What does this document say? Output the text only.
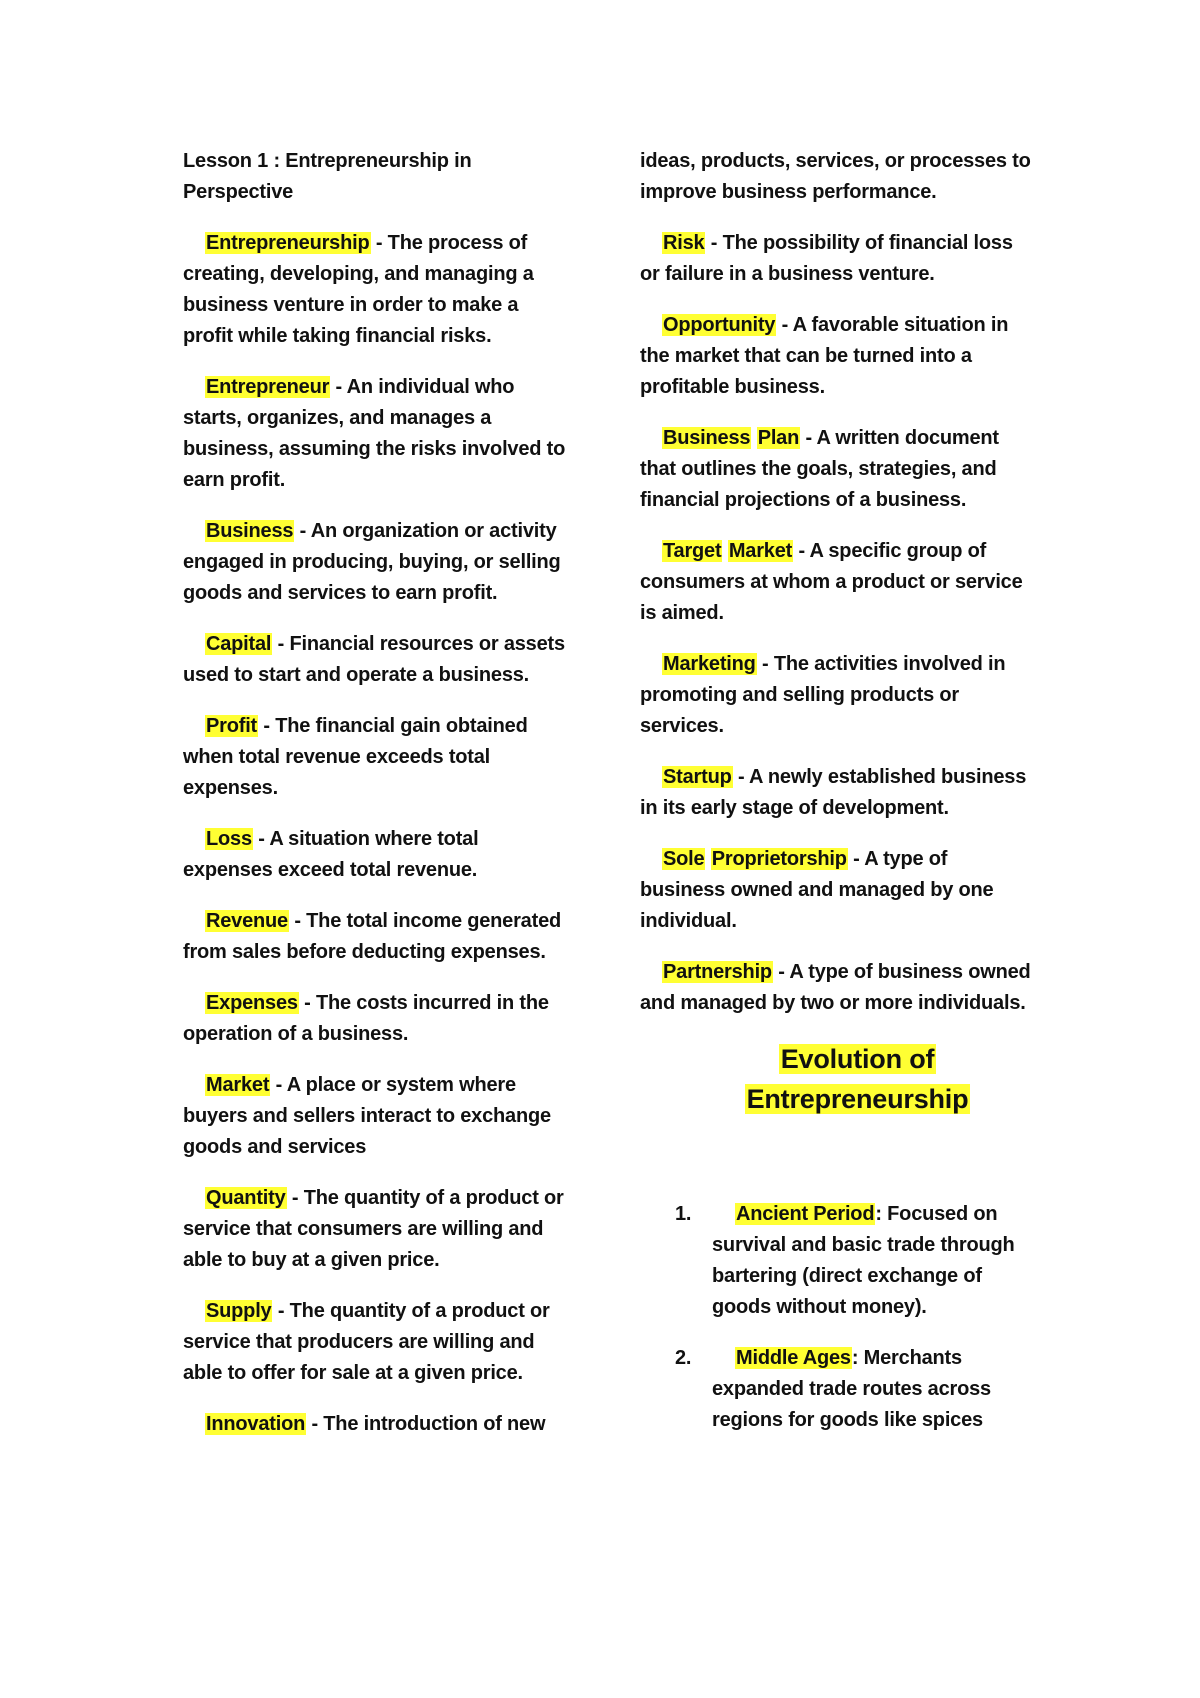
Lesson 1 : Entrepreneurship in Perspective

Entrepreneurship - The process of creating, developing, and managing a business venture in order to make a profit while taking financial risks.

Entrepreneur - An individual who starts, organizes, and manages a business, assuming the risks involved to earn profit.

Business - An organization or activity engaged in producing, buying, or selling goods and services to earn profit.

Capital - Financial resources or assets used to start and operate a business.

Profit - The financial gain obtained when total revenue exceeds total expenses.

Loss - A situation where total expenses exceed total revenue.

Revenue - The total income generated from sales before deducting expenses.

Expenses - The costs incurred in the operation of a business.

Market - A place or system where buyers and sellers interact to exchange goods and services

Quantity - The quantity of a product or service that consumers are willing and able to buy at a given price.

Supply - The quantity of a product or service that producers are willing and able to offer for sale at a given price.

Innovation - The introduction of new

ideas, products, services, or processes to improve business performance.

Risk - The possibility of financial loss or failure in a business venture.

Opportunity - A favorable situation in the market that can be turned into a profitable business.

Business Plan - A written document that outlines the goals, strategies, and financial projections of a business.

Target Market - A specific group of consumers at whom a product or service is aimed.

Marketing - The activities involved in promoting and selling products or services.

Startup - A newly established business in its early stage of development.

Sole Proprietorship - A type of business owned and managed by one individual.

Partnership - A type of business owned and managed by two or more individuals.

Evolution of
Entrepreneurship
1.	Ancient Period: Focused on survival and basic trade through bartering (direct exchange of goods without money).
2.	Middle Ages: Merchants expanded trade routes across regions for goods like spices
